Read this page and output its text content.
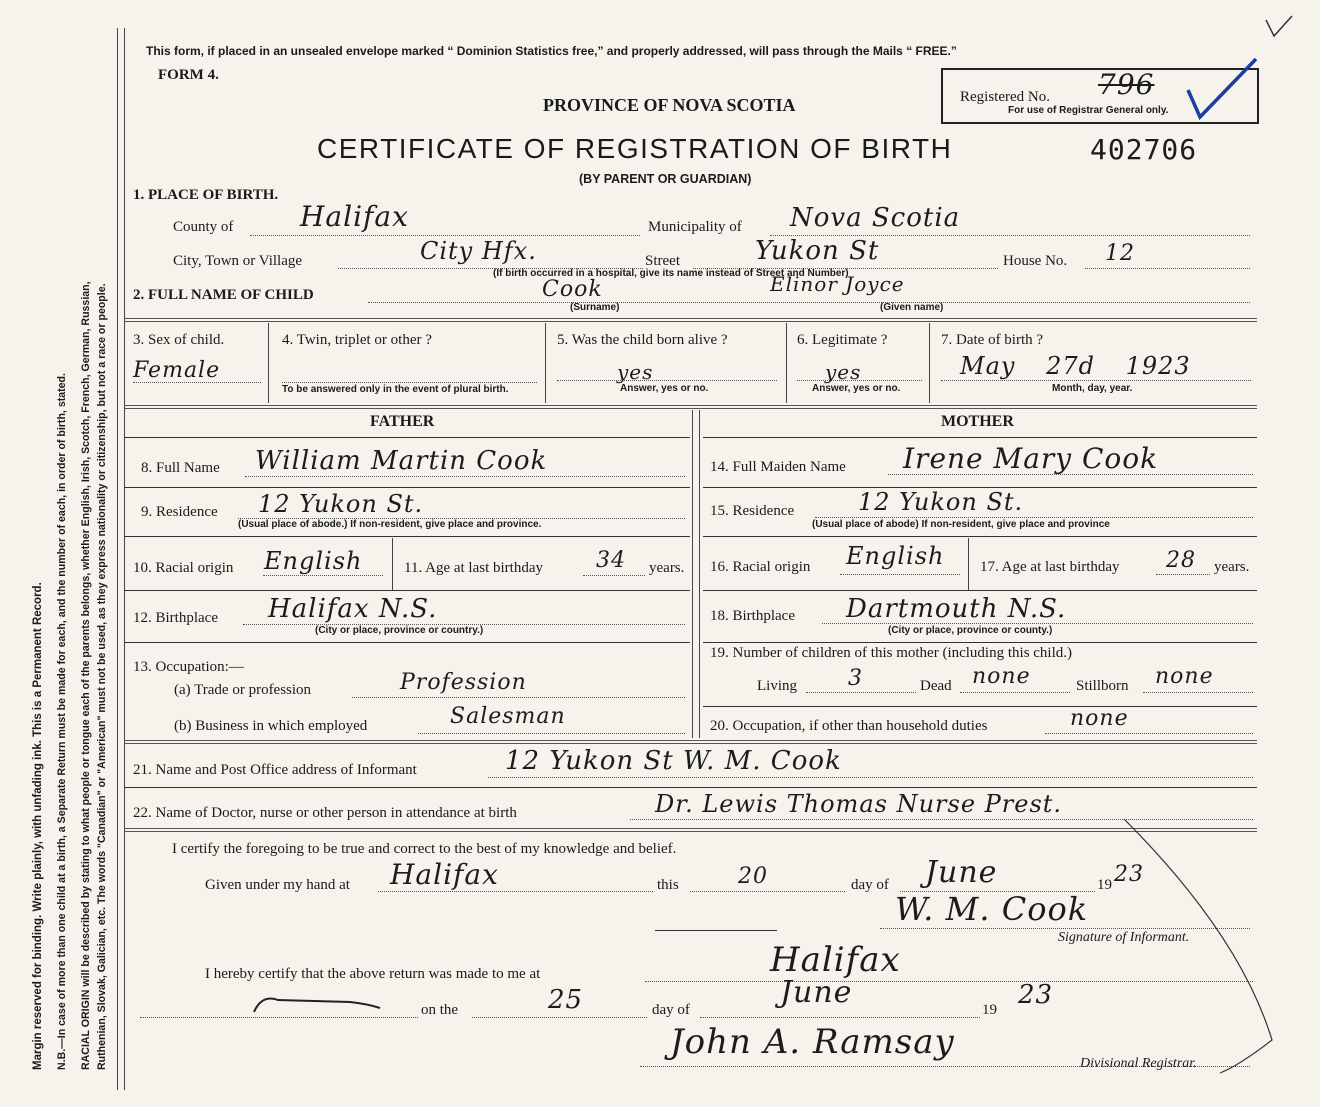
Margin reserved for binding. Write plainly, with unfading ink. This is a Permanent Record. N.B.—In case of more than one child at a birth, a Separate Return must be made for each, and the number of each, in order of birth, stated. RACIAL ORIGIN will be described by stating to what people or tongue each of the parents belongs, whether English, Irish, Scotch, French, German, Russian, Ruthenian, Slovak, Galician, etc. The words "Canadian" or "American" must not be used, as they express nationality or citizenship, but not a race or people.
This form, if placed in an unsealed envelope marked “ Dominion Statistics free,” and properly addressed, will pass through the Mails “ FREE.”
FORM 4.
PROVINCE OF NOVA SCOTIA	Registered No. 796
For use of Registrar General only.
CERTIFICATE OF REGISTRATION OF BIRTH	402706
(BY PARENT OR GUARDIAN)
1. PLACE OF BIRTH.
County of Halifax	Municipality of Nova Scotia
City, Town or Village	City Hfx.	Street	Yukon St	House No. 12
(If birth occurred in a hospital, give its name instead of Street and Number)
2. FULL NAME OF CHILD	Cook	Elinor Joyce
(Surname)	(Given name)
3. Sex of child.
Female
4. Twin, triplet or other ?
To be answered only in the event of plural birth.
5. Was the child born alive ?
yes
Answer, yes or no.
6. Legitimate ?
yes
Answer, yes or no.
7. Date of birth ?
May 27d 1923
Month, day, year.
FATHER	MOTHER
8. Full Name William Martin Cook
9. Residence 12 Yukon St.
(Usual place of abode.) If non-resident, give place and province.
10. Racial origin English	11. Age at last birthday 34 years.
12. Birthplace Halifax N.S.
(City or place, province or country.)
13. Occupation:—
(a) Trade or profession	Profession
(b) Business in which employed	Salesman
14. Full Maiden Name Irene Mary Cook
15. Residence	12 Yukon St.
(Usual place of abode) If non-resident, give place and province
16. Racial origin English 17. Age at last birthday 28 years.
18. Birthplace Dartmouth N.S.
(City or place, province or county.)
19. Number of children of this mother (including this child.)
Living 3	Dead none	Stillborn none
20. Occupation, if other than household duties	none
21. Name and Post Office address of Informant	12 Yukon St W. M. Cook
22. Name of Doctor, nurse or other person in attendance at birth	Dr. Lewis Thomas Nurse Prest.
I certify the foregoing to be true and correct to the best of my knowledge and belief.
Given under my hand at Halifax	this	20	day of June	19 23
W. M. Cook
Signature of Informant.
I hereby certify that the above return was made to me at	Halifax
on the	25	day of	June	19 23
John A. Ramsay
Divisional Registrar.
